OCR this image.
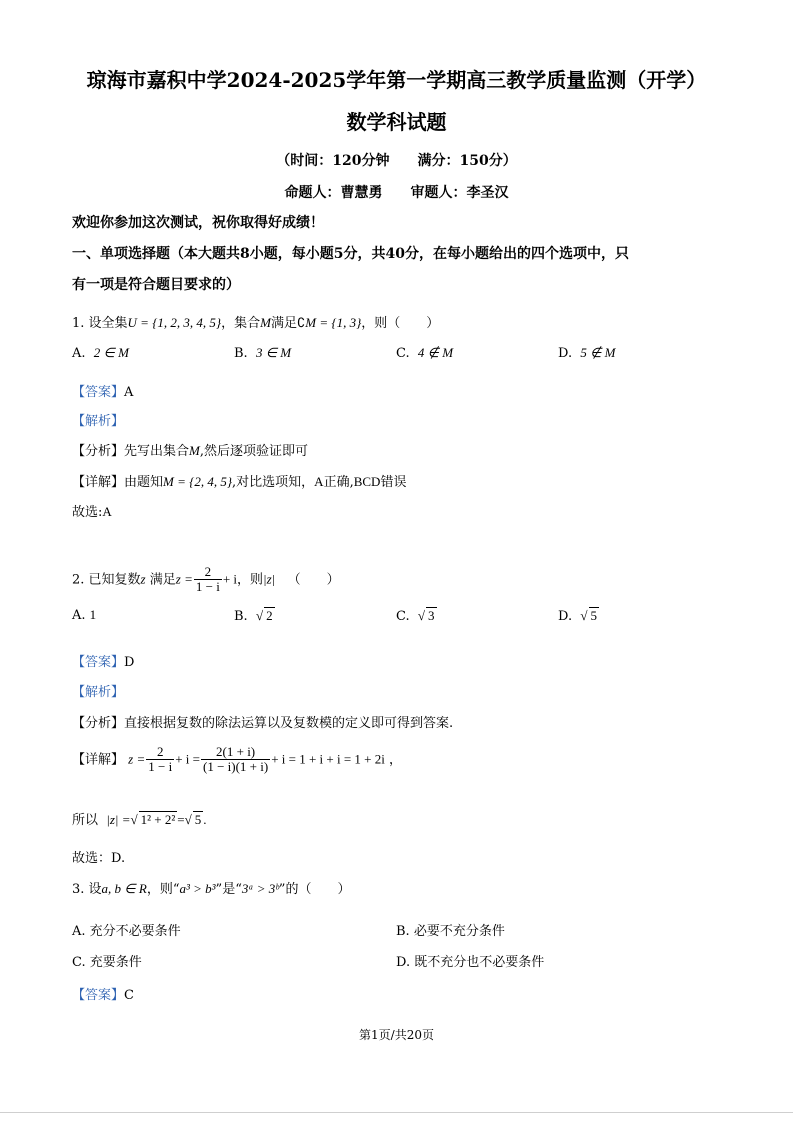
琼海市嘉积中学2024-2025学年第一学期高三教学质量监测（开学）
数学科试题
（时间：120分钟　　满分：150分）
命题人：曹慧勇　　审题人：李圣汉
欢迎你参加这次测试，祝你取得好成绩！
一、单项选择题（本大题共8小题，每小题5分，共40分，在每小题给出的四个选项中，只
有一项是符合题目要求的）
1. 设全集U = {1, 2, 3, 4, 5}，集合M满足∁M = {1, 3}，则（　　）
A. 2 ∈ M	B. 3 ∈ M	C. 4 ∉ M	D. 5 ∉ M
【答案】A
【解析】
【分析】先写出集合M,然后逐项验证即可
【详解】由题知M = {2, 4, 5},对比选项知，A正确,BCD错误
故选:A
2. 已知复数z 满足$z = \frac{2}{1 - i} + i$，则|z| （　　）
A. 1	B. √ 2	C. √ 3	D. √ 5
【答案】D
【解析】
【分析】直接根据复数的除法运算以及复数模的定义即可得到答案.
【详解】 $z = \frac{2}{1 - i} + i = \frac{2(1 + i)}{(1 - i)(1 + i)} + i = 1 + i + i = 1 + 2i$ ，
所以 |z| =√ 1² + 2² =√ 5 .
故选：D.
3. 设a, b ∈ R，则“a³ > b³”是“3ᵃ > 3ᵇ”的（　　）
A. 充分不必要条件	B. 必要不充分条件
C. 充要条件	D. 既不充分也不必要条件
【答案】C
第1页/共20页
